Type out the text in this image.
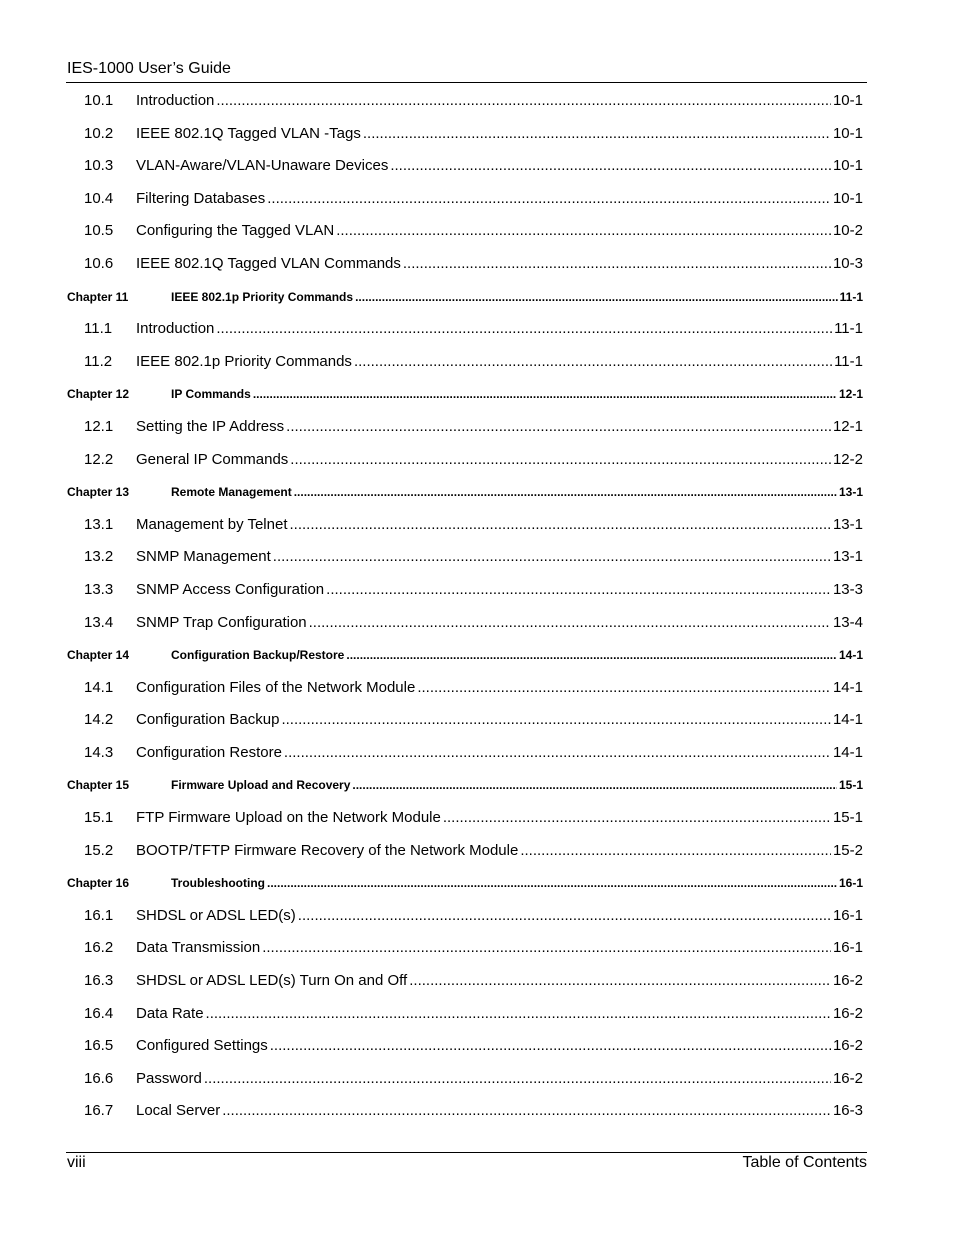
IES-1000 User’s Guide
10.1	Introduction .....	10-1
10.2	IEEE 802.1Q Tagged VLAN -Tags .....	10-1
10.3	VLAN-Aware/VLAN-Unaware Devices .....	10-1
10.4	Filtering Databases .....	10-1
10.5	Configuring the Tagged VLAN .....	10-2
10.6	IEEE 802.1Q Tagged VLAN Commands .....	10-3
Chapter 11	IEEE 802.1p Priority Commands .....	11-1
11.1	Introduction .....	11-1
11.2	IEEE 802.1p Priority Commands .....	11-1
Chapter 12	IP Commands .....	12-1
12.1	Setting the IP Address .....	12-1
12.2	General IP Commands .....	12-2
Chapter 13	Remote Management .....	13-1
13.1	Management by Telnet .....	13-1
13.2	SNMP Management .....	13-1
13.3	SNMP Access Configuration .....	13-3
13.4	SNMP Trap Configuration .....	13-4
Chapter 14	Configuration Backup/Restore .....	14-1
14.1	Configuration Files of the Network Module .....	14-1
14.2	Configuration Backup .....	14-1
14.3	Configuration Restore .....	14-1
Chapter 15	Firmware Upload and Recovery .....	15-1
15.1	FTP Firmware Upload on the Network Module .....	15-1
15.2	BOOTP/TFTP Firmware Recovery of the Network Module .....	15-2
Chapter 16	Troubleshooting .....	16-1
16.1	SHDSL or ADSL LED(s) .....	16-1
16.2	Data Transmission .....	16-1
16.3	SHDSL or ADSL LED(s) Turn On and Off .....	16-2
16.4	Data Rate .....	16-2
16.5	Configured Settings .....	16-2
16.6	Password .....	16-2
16.7	Local Server .....	16-3
viii	Table of Contents
